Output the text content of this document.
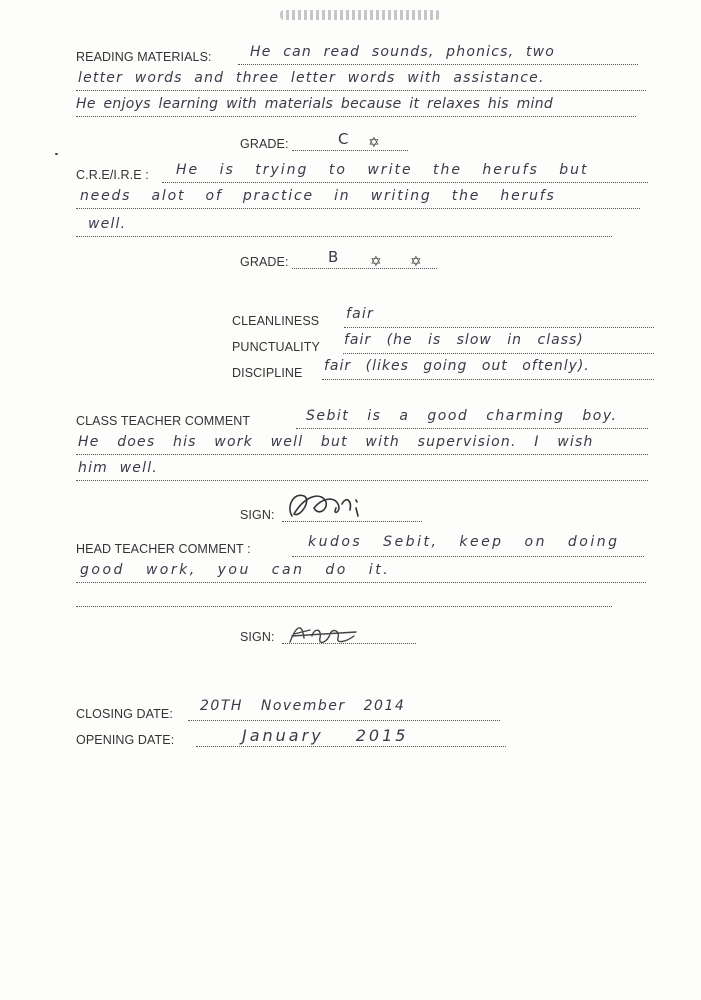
READING MATERIALS:	He can read sounds, phonics, two
letter words and three letter words with assistance.
He enjoys learning with materials because it relaxes his mind
GRADE:	C ✡
C.R.E/I.R.E : He is trying to write the herufs but
needs alot of practice in writing the herufs
well.
GRADE:	B ✡ ✡
CLEANLINESS fair
PUNCTUALITY fair (he is slow in class)
DISCIPLINE fair (likes going out oftenly).
CLASS TEACHER COMMENT	Sebit is a good charming boy.
He does his work well but with supervision. I wish
him well.
SIGN:
HEAD TEACHER COMMENT :	kudos Sebit, keep on doing
good work, you can do it.
SIGN:
CLOSING DATE: 20TH November 2014
OPENING DATE:	January 2015
